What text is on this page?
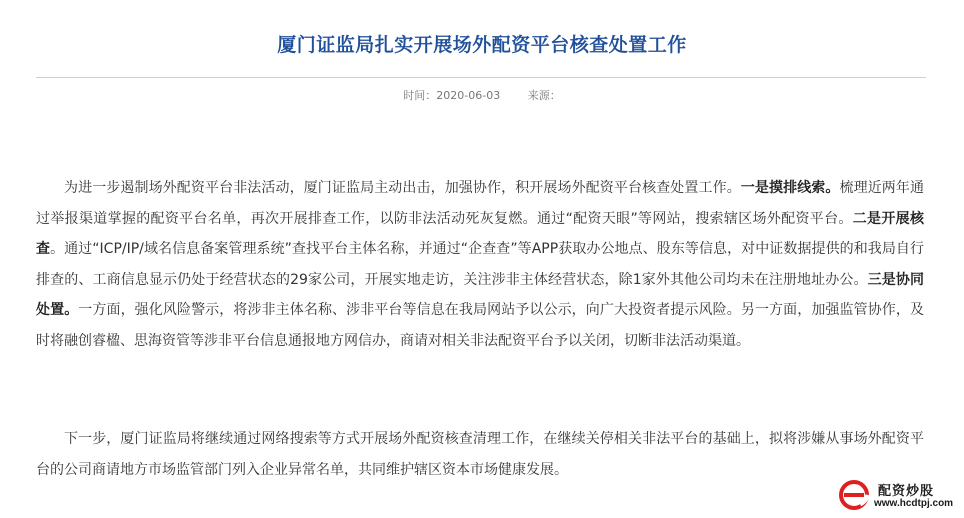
厦门证监局扎实开展场外配资平台核查处置工作
时间：2020-06-03	来源：

为进一步遏制场外配资平台非法活动，厦门证监局主动出击，加强协作，积开展场外配资平台核查处置工作。一是摸排线索。梳理近两年通过举报渠道掌握的配资平台名单，再次开展排查工作，以防非法活动死灰复燃。通过“配资天眼”等网站，搜索辖区场外配资平台。二是开展核查。通过“ICP/IP/域名信息备案管理系统”查找平台主体名称，并通过“企查查”等APP获取办公地点、股东等信息，对中证数据提供的和我局自行排查的、工商信息显示仍处于经营状态的29家公司，开展实地走访，关注涉非主体经营状态，除1家外其他公司均未在注册地址办公。三是协同处置。一方面，强化风险警示，将涉非主体名称、涉非平台等信息在我局网站予以公示，向广大投资者提示风险。另一方面，加强监管协作，及时将融创睿楹、思海资管等涉非平台信息通报地方网信办，商请对相关非法配资平台予以关闭，切断非法活动渠道。

下一步，厦门证监局将继续通过网络搜索等方式开展场外配资核查清理工作，在继续关停相关非法平台的基础上，拟将涉嫌从事场外配资平台的公司商请地方市场监管部门列入企业异常名单，共同维护辖区资本市场健康发展。

配资炒股
www.hcdtpj.com
